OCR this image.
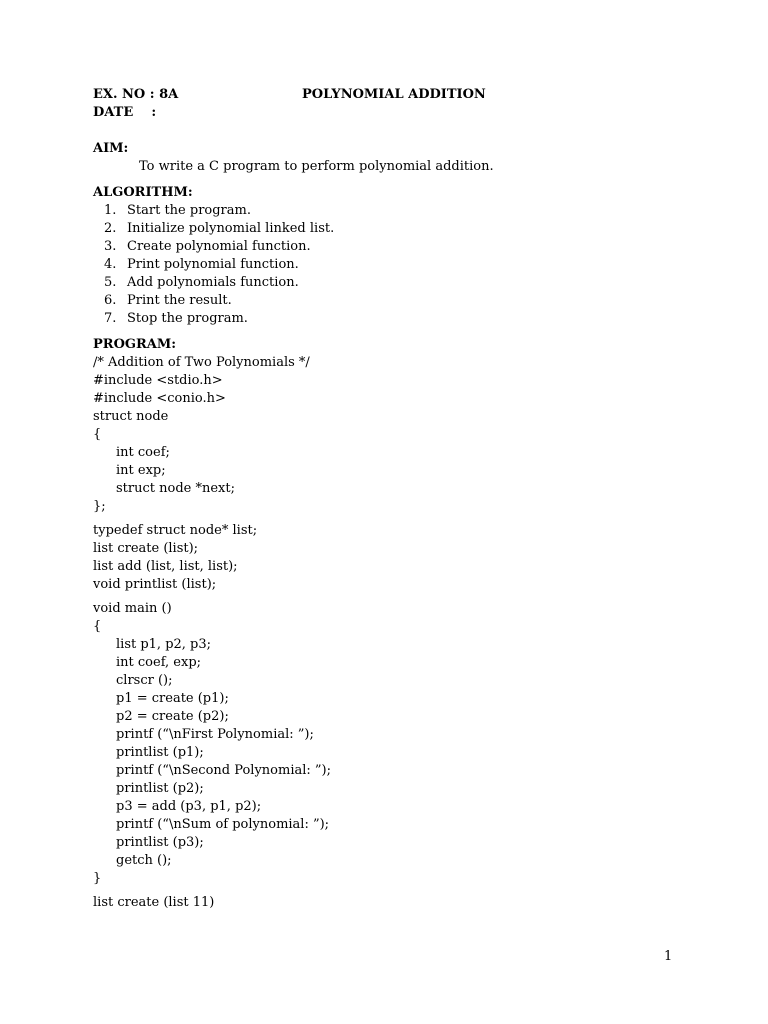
EX. NO : 8A

	POLYNOMIAL ADDITION

DATE    :
AIM:
To write a C program to perform polynomial addition.
ALGORITHM:
1. Start the program.
2. Initialize polynomial linked list.
3. Create polynomial function.
4. Print polynomial function.
5. Add polynomials function.
6. Print the result.
7. Stop the program.
PROGRAM:
/* Addition of Two Polynomials */
#include <stdio.h>
#include <conio.h>
struct node
{
int coef;
int exp;
struct node *next;
};
typedef struct node* list;
list create (list);
list add (list, list, list);
void printlist (list);
void main ()
{
list p1, p2, p3;
int coef, exp;
clrscr ();
p1 = create (p1);
p2 = create (p2);
printf (“\nFirst Polynomial: ”);
printlist (p1);
printf (“\nSecond Polynomial: ”);
printlist (p2);
p3 = add (p3, p1, p2);
printf (“\nSum of polynomial: ”);
printlist (p3);
getch ();
}
list create (list 11)
1
